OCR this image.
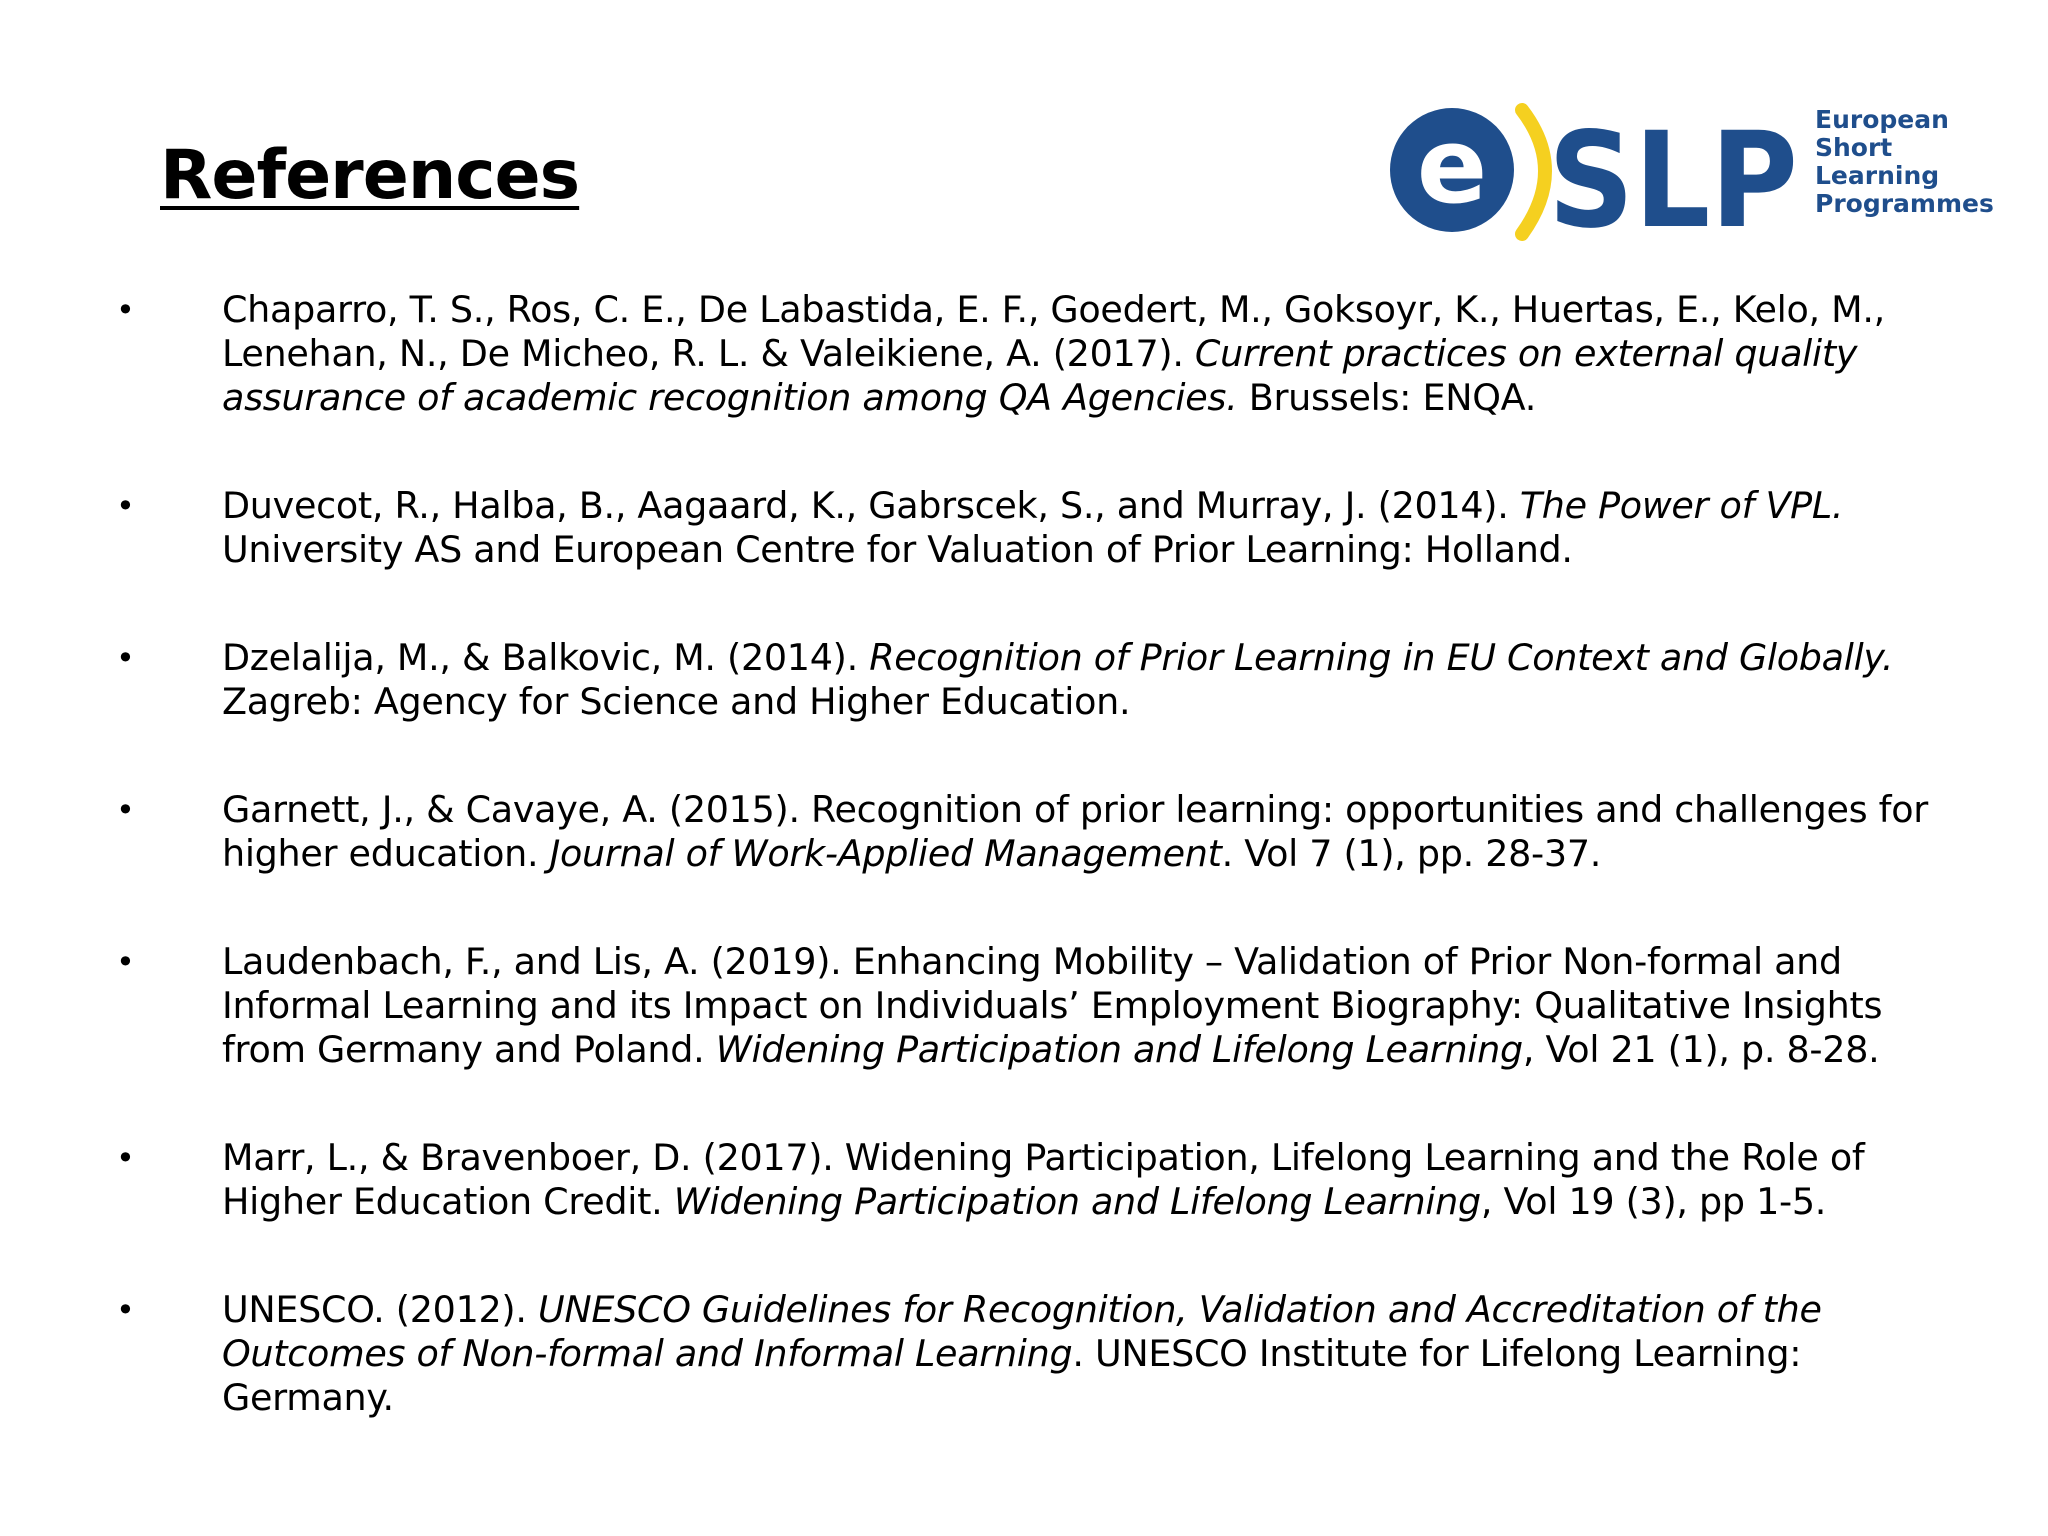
References	e SLP European
Short
Learning
Programmes
• Chaparro, T. S., Ros, C. E., De Labastida, E. F., Goedert, M., Goksoyr, K., Huertas, E., Kelo, M., Lenehan, N., De Micheo, R. L. & Valeikiene, A. (2017). Current practices on external quality assurance of academic recognition among QA Agencies. Brussels: ENQA.
• Duvecot, R., Halba, B., Aagaard, K., Gabrscek, S., and Murray, J. (2014). The Power of VPL. University AS and European Centre for Valuation of Prior Learning: Holland.
• Dzelalija, M., & Balkovic, M. (2014). Recognition of Prior Learning in EU Context and Globally. Zagreb: Agency for Science and Higher Education.
• Garnett, J., & Cavaye, A. (2015). Recognition of prior learning: opportunities and challenges for higher education. Journal of Work-Applied Management. Vol 7 (1), pp. 28-37.
• Laudenbach, F., and Lis, A. (2019). Enhancing Mobility – Validation of Prior Non-formal and Informal Learning and its Impact on Individuals’ Employment Biography: Qualitative Insights from Germany and Poland. Widening Participation and Lifelong Learning, Vol 21 (1), p. 8-28.
• Marr, L., & Bravenboer, D. (2017). Widening Participation, Lifelong Learning and the Role of Higher Education Credit. Widening Participation and Lifelong Learning, Vol 19 (3), pp 1-5.
• UNESCO. (2012). UNESCO Guidelines for Recognition, Validation and Accreditation of the Outcomes of Non-formal and Informal Learning. UNESCO Institute for Lifelong Learning: Germany.
